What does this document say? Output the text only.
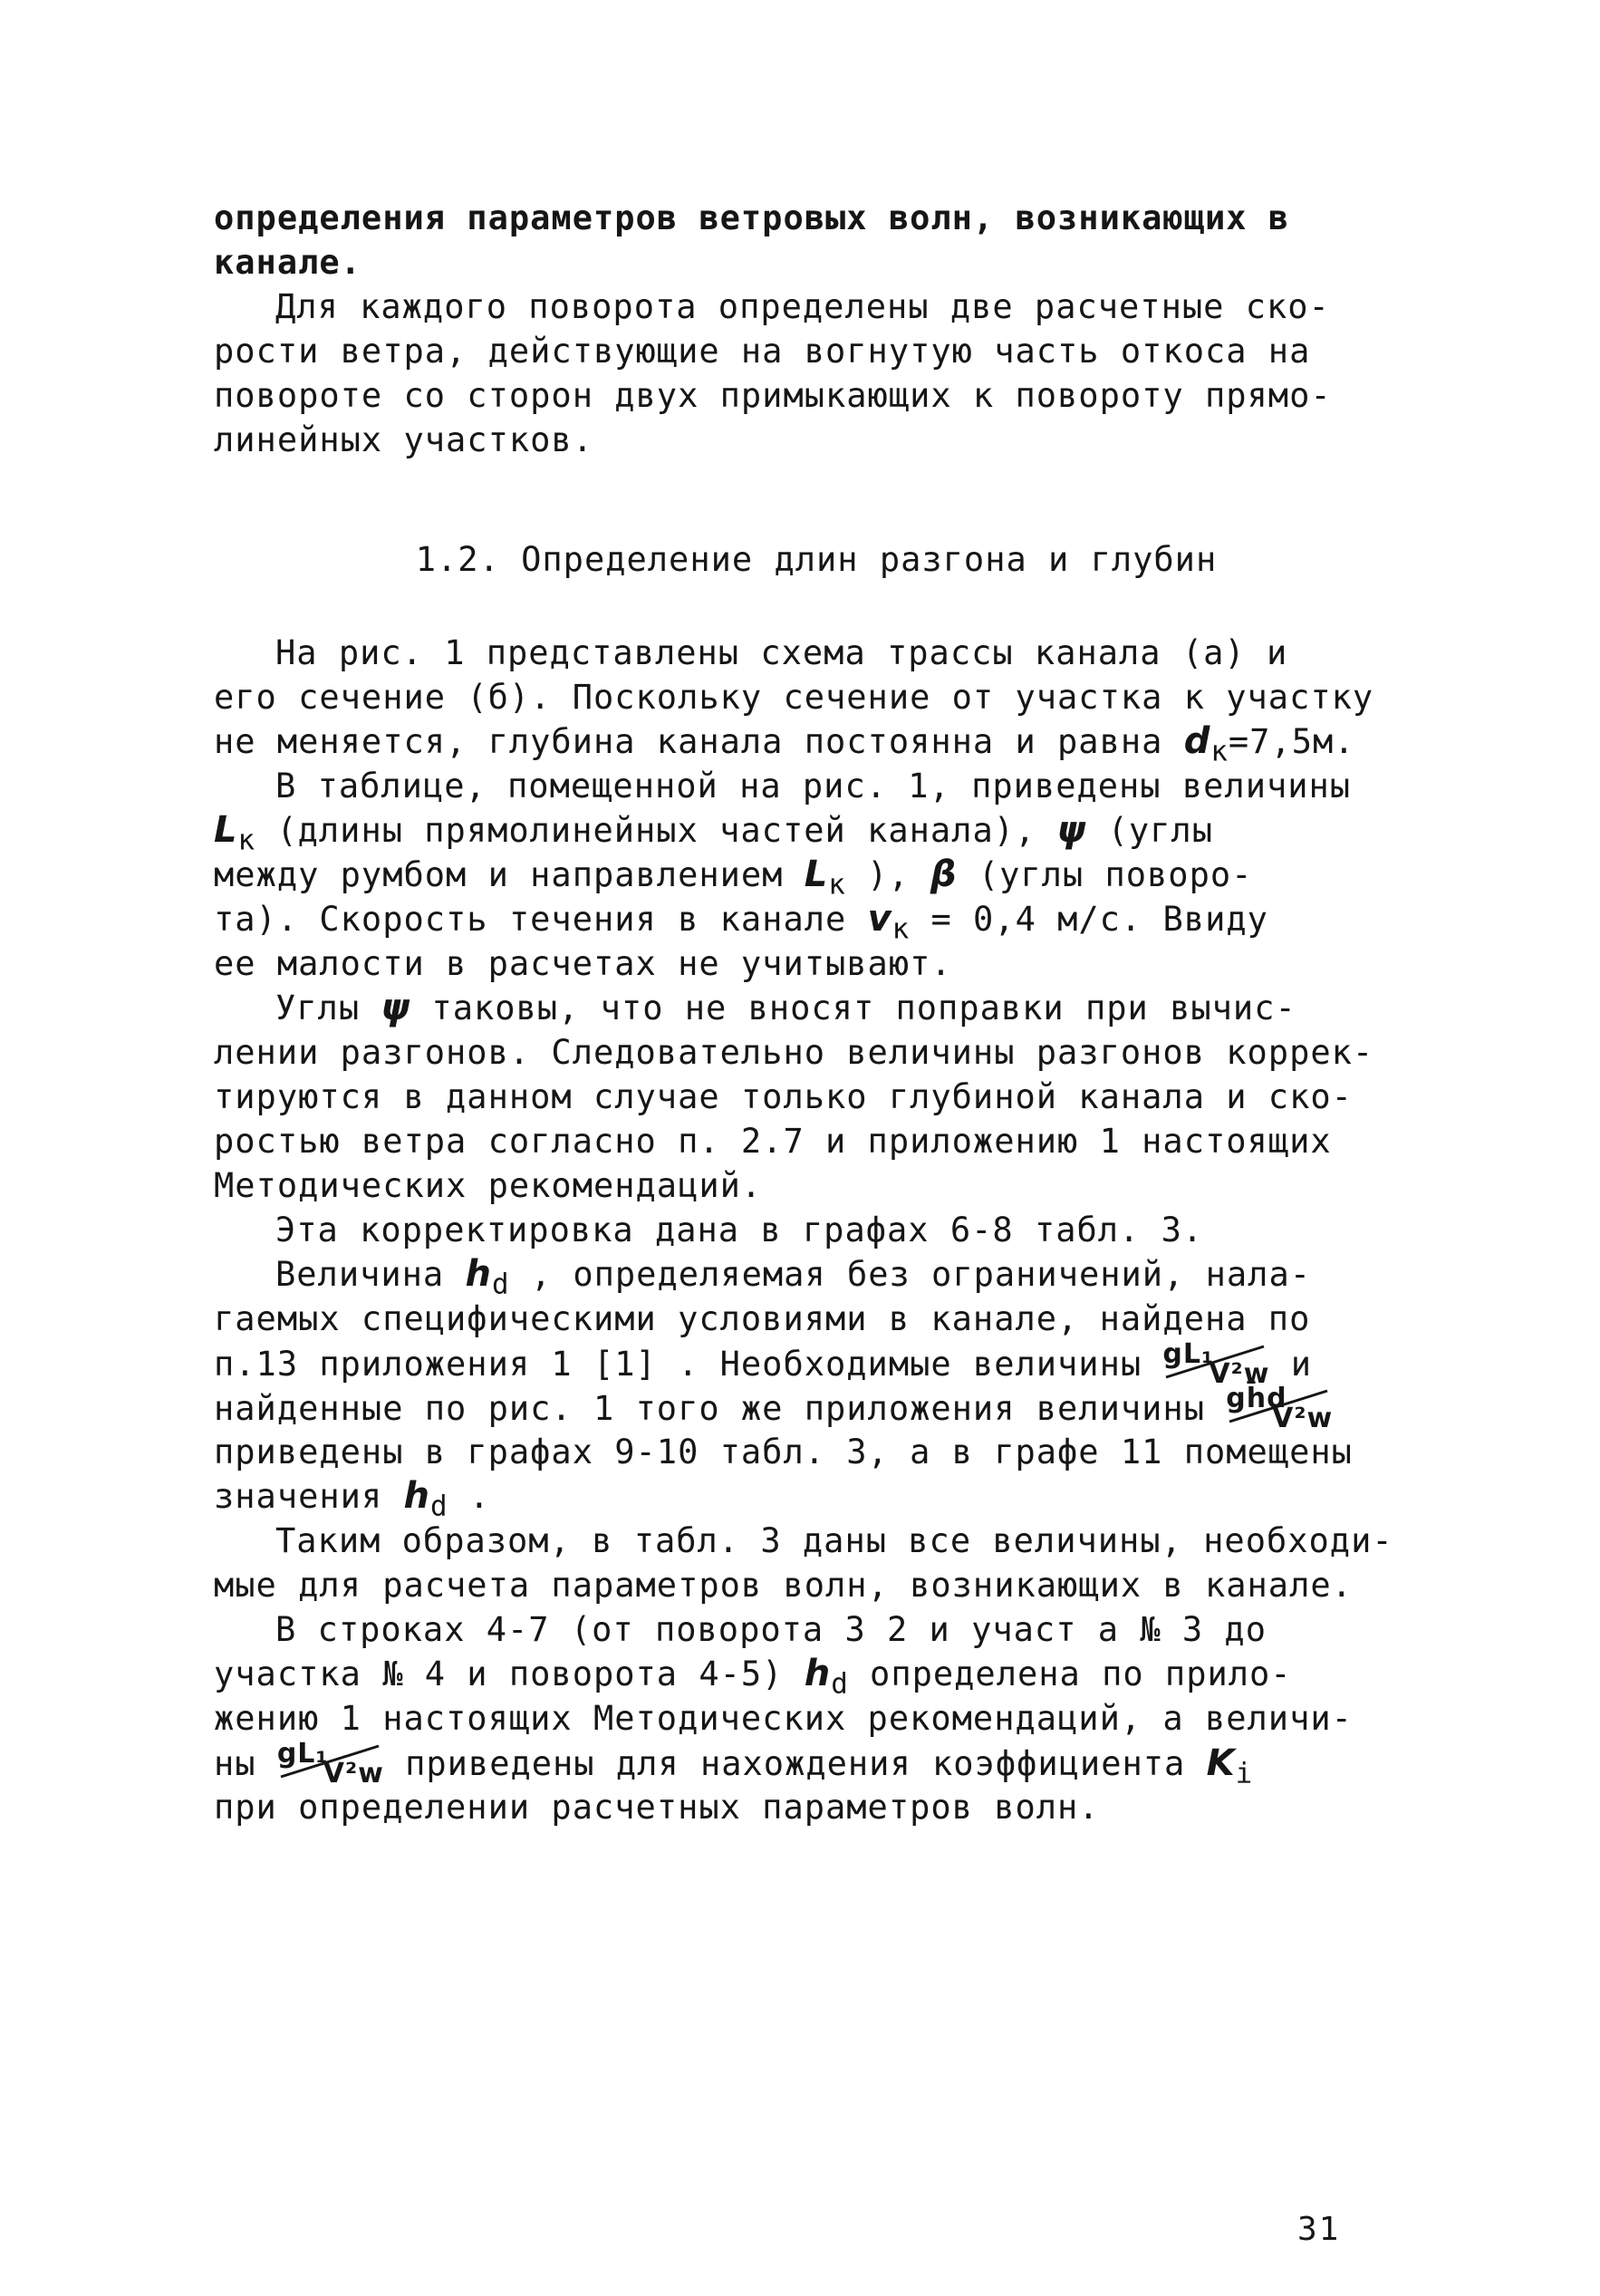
определения параметров ветровых волн, возникающих в
канале.
Для каждого поворота определены две расчетные ско-
рости ветра, действующие на вогнутую часть откоса на
повороте со сторон двух примыкающих к повороту прямо-
линейных участков.
1.2. Определение длин разгона и глубин
На рис. 1 представлены схема трассы канала (а) и
его сечение (б). Поскольку сечение от участка к участку
не меняется, глубина канала постоянна и равна $d_к=7,5м$.
В таблице, помещенной на рис. 1, приведены величины
$L_к$ (длины прямолинейных частей канала), ψ (углы
между румбом и направлением $L_к$ ), β (углы поворо-
та). Скорость течения в канале $v_к = 0,4$ м/с. Ввиду
ее малости в расчетах не учитывают.
Углы ψ таковы, что не вносят поправки при вычис-
лении разгонов. Следовательно величины разгонов коррек-
тируются в данном случае только глубиной канала и ско-
ростью ветра согласно п. 2.7 и приложению 1 настоящих
Методических рекомендаций.
Эта корректировка дана в графах 6-8 табл. 3.
Величина $h_d$ , определяемая без ограничений, нала-
гаемых специфическими условиями в канале, найдена по
п.13 приложения 1 [1] . Необходимые величины gL₁
V²w и
найденные по рис. 1 того же приложения величины gh̄d
V²w
приведены в графах 9-10 табл. 3, а в графе 11 помещены
значения $h_d$ .
Таким образом, в табл. 3 даны все величины, необходи-
мые для расчета параметров волн, возникающих в канале.
В строках 4-7 (от поворота 3 2 и участ а № 3 до
участка № 4 и поворота 4-5) $h_d$ определена по прило-
жению 1 настоящих Методических рекомендаций, а величи-
ны gL₁
V²w приведены для нахождения коэффициента $K_i$
при определении расчетных параметров волн.
31
